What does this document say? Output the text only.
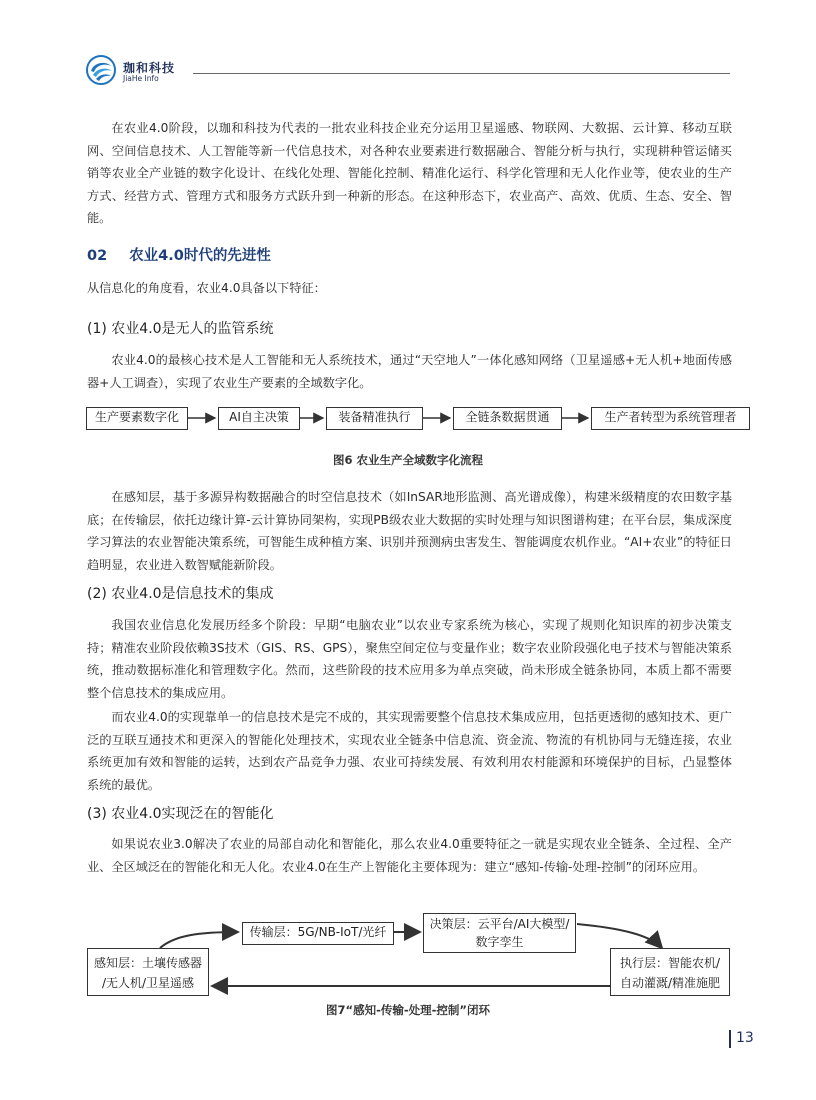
珈和科技
JiaHe Info

在农业4.0阶段，以珈和科技为代表的一批农业科技企业充分运用卫星遥感、物联网、大数据、云计算、移动互联网、空间信息技术、人工智能等新一代信息技术，对各种农业要素进行数据融合、智能分析与执行，实现耕种管运储买销等农业全产业链的数字化设计、在线化处理、智能化控制、精准化运行、科学化管理和无人化作业等，使农业的生产方式、经营方式、管理方式和服务方式跃升到一种新的形态。在这种形态下，农业高产、高效、优质、生态、安全、智能。

02 农业4.0时代的先进性

从信息化的角度看，农业4.0具备以下特征：

(1) 农业4.0是无人的监管系统

农业4.0的最核心技术是人工智能和无人系统技术，通过“天空地人”一体化感知网络（卫星遥感+无人机+地面传感器+人工调查），实现了农业生产要素的全域数字化。

生产要素数字化	AI自主决策	装备精准执行	全链条数据贯通	生产者转型为系统管理者
图6 农业生产全域数字化流程

在感知层，基于多源异构数据融合的时空信息技术（如InSAR地形监测、高光谱成像），构建米级精度的农田数字基底；在传输层，依托边缘计算-云计算协同架构，实现PB级农业大数据的实时处理与知识图谱构建；在平台层，集成深度学习算法的农业智能决策系统，可智能生成种植方案、识别并预测病虫害发生、智能调度农机作业。“AI+农业”的特征日趋明显，农业进入数智赋能新阶段。

(2) 农业4.0是信息技术的集成

我国农业信息化发展历经多个阶段：早期“电脑农业”以农业专家系统为核心，实现了规则化知识库的初步决策支持；精准农业阶段依赖3S技术（GIS、RS、GPS），聚焦空间定位与变量作业；数字农业阶段强化电子技术与智能决策系统，推动数据标准化和管理数字化。然而，这些阶段的技术应用多为单点突破，尚未形成全链条协同，本质上都不需要整个信息技术的集成应用。

而农业4.0的实现靠单一的信息技术是完不成的，其实现需要整个信息技术集成应用，包括更透彻的感知技术、更广泛的互联互通技术和更深入的智能化处理技术，实现农业全链条中信息流、资金流、物流的有机协同与无缝连接，农业系统更加有效和智能的运转，达到农产品竞争力强、农业可持续发展、有效利用农村能源和环境保护的目标，凸显整体系统的最优。

(3) 农业4.0实现泛在的智能化

如果说农业3.0解决了农业的局部自动化和智能化，那么农业4.0重要特征之一就是实现农业全链条、全过程、全产业、全区域泛在的智能化和无人化。农业4.0在生产上智能化主要体现为：建立“感知-传输-处理-控制”的闭环应用。

感知层：土壤传感器
/无人机/卫星遥感
传输层：5G/NB-IoT/光纤
决策层：云平台/AI大模型/
数字孪生
执行层：智能农机/
自动灌溉/精准施肥
图7“感知-传输-处理-控制”闭环
13
